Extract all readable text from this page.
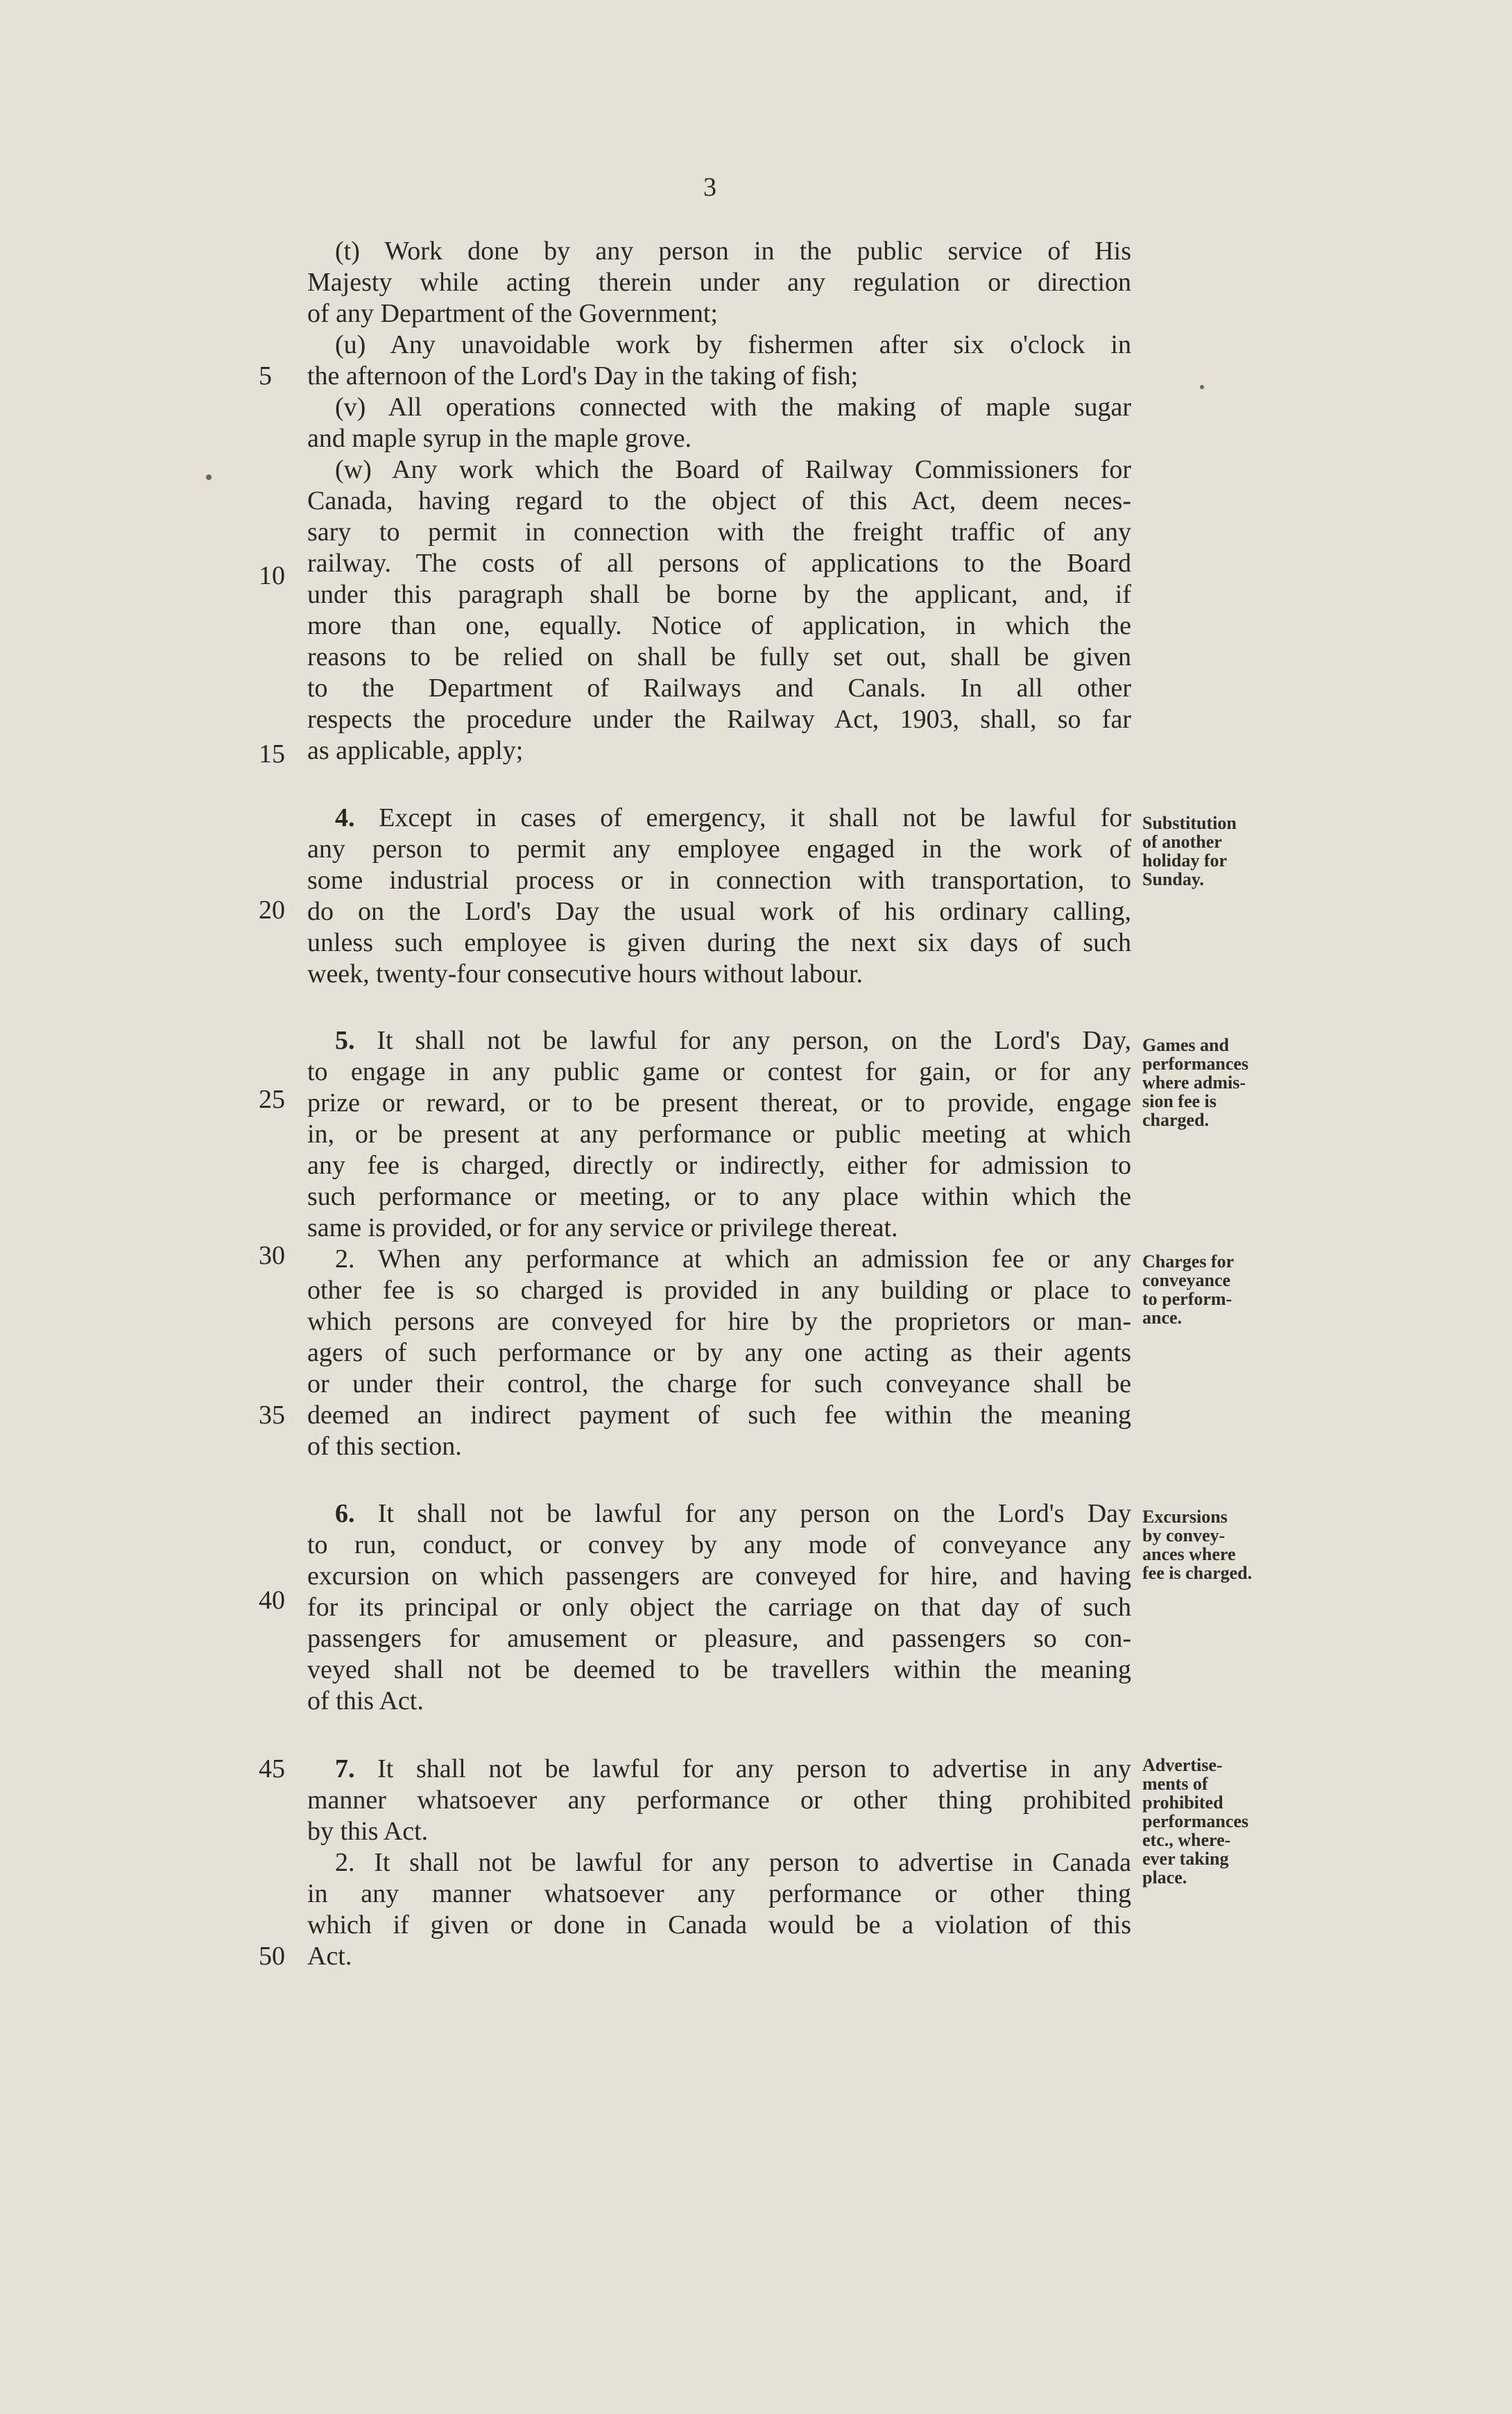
3
(t) Work done by any person in the public service of His
Majesty while acting therein under any regulation or direction
of any Department of the Government;
(u) Any unavoidable work by fishermen after six o'clock in
the afternoon of the Lord's Day in the taking of fish;
(v) All operations connected with the making of maple sugar
and maple syrup in the maple grove.
(w) Any work which the Board of Railway Commissioners for
Canada, having regard to the object of this Act, deem neces-
sary to permit in connection with the freight traffic of any
railway. The costs of all persons of applications to the Board
under this paragraph shall be borne by the applicant, and, if
more than one, equally. Notice of application, in which the
reasons to be relied on shall be fully set out, shall be given
to the Department of Railways and Canals. In all other
respects the procedure under the Railway Act, 1903, shall, so far
as applicable, apply;
4. Except in cases of emergency, it shall not be lawful for
any person to permit any employee engaged in the work of
some industrial process or in connection with transportation, to
do on the Lord's Day the usual work of his ordinary calling,
unless such employee is given during the next six days of such
week, twenty-four consecutive hours without labour.
5. It shall not be lawful for any person, on the Lord's Day,
to engage in any public game or contest for gain, or for any
prize or reward, or to be present thereat, or to provide, engage
in, or be present at any performance or public meeting at which
any fee is charged, directly or indirectly, either for admission to
such performance or meeting, or to any place within which the
same is provided, or for any service or privilege thereat.
2. When any performance at which an admission fee or any
other fee is so charged is provided in any building or place to
which persons are conveyed for hire by the proprietors or man-
agers of such performance or by any one acting as their agents
or under their control, the charge for such conveyance shall be
deemed an indirect payment of such fee within the meaning
of this section.
6. It shall not be lawful for any person on the Lord's Day
to run, conduct, or convey by any mode of conveyance any
excursion on which passengers are conveyed for hire, and having
for its principal or only object the carriage on that day of such
passengers for amusement or pleasure, and passengers so con-
veyed shall not be deemed to be travellers within the meaning
of this Act.
7. It shall not be lawful for any person to advertise in any
manner whatsoever any performance or other thing prohibited
by this Act.
2. It shall not be lawful for any person to advertise in Canada
in any manner whatsoever any performance or other thing
which if given or done in Canada would be a violation of this
Act.
5
10
15
20
25
30
35
40
45
50
Substitution
of another
holiday for
Sunday.
Games and
performances
where admis-
sion fee is
charged.
Charges for
conveyance
to perform-
ance.
Excursions
by convey-
ances where
fee is charged.
Advertise-
ments of
prohibited
performances
etc., where-
ever taking
place.
